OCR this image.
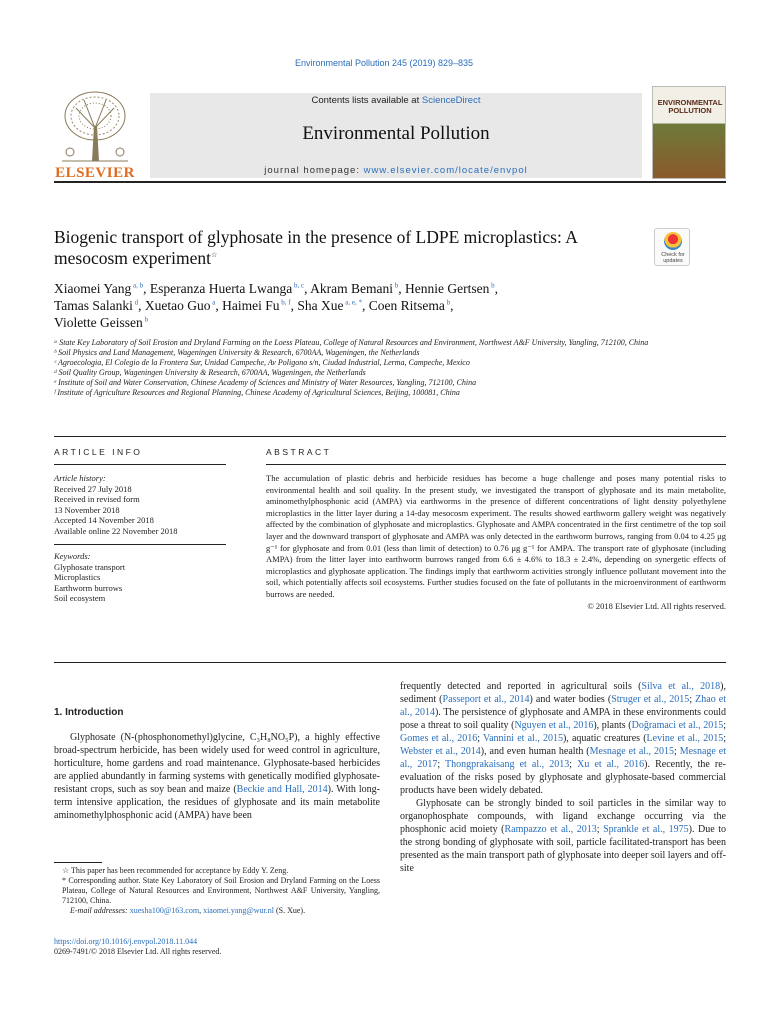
Environmental Pollution 245 (2019) 829–835
ELSEVIER
Contents lists available at ScienceDirect
Environmental Pollution
journal homepage: www.elsevier.com/locate/envpol
ENVIRONMENTAL POLLUTION
Biogenic transport of glyphosate in the presence of LDPE microplastics: A mesocosm experiment☆	Check for updates
Xiaomei Yang $^{a, b}$, Esperanza Huerta Lwanga $^{b, c}$, Akram Bemani $^b$, Hennie Gertsen $^b$,
Tamas Salanki $^d$, Xuetao Guo $^a$, Haimei Fu $^{b, f}$, Sha Xue $^{a, e, *}$, Coen Ritsema $^b$,
Violette Geissen $^b$
ᵃ State Key Laboratory of Soil Erosion and Dryland Farming on the Loess Plateau, College of Natural Resources and Environment, Northwest A&F University, Yangling, 712100, China
ᵇ Soil Physics and Land Management, Wageningen University & Research, 6700AA, Wageningen, the Netherlands
ᶜ Agroecologia, El Colegio de la Frontera Sur, Unidad Campeche, Av Poligono s/n, Ciudad Industrial, Lerma, Campeche, Mexico
ᵈ Soil Quality Group, Wageningen University & Research, 6700AA, Wageningen, the Netherlands
ᵉ Institute of Soil and Water Conservation, Chinese Academy of Sciences and Ministry of Water Resources, Yangling, 712100, China
ᶠ Institute of Agriculture Resources and Regional Planning, Chinese Academy of Agricultural Sciences, Beijing, 100081, China
ARTICLE INFO	ABSTRACT
Article history:
Received 27 July 2018
Received in revised form
13 November 2018
Accepted 14 November 2018
Available online 22 November 2018
Keywords:
Glyphosate transport
Microplastics
Earthworm burrows
Soil ecosystem
The accumulation of plastic debris and herbicide residues has become a huge challenge and poses many potential risks to environmental health and soil quality. In the present study, we investigated the transport of glyphosate and its main metabolite, aminomethylphosphonic acid (AMPA) via earthworms in the presence of different concentrations of light density polyethylene microplastics in the litter layer during a 14-day mesocosm experiment. The results showed earthworm gallery weight was negatively affected by the combination of glyphosate and microplastics. Glyphosate and AMPA concentrated in the first centimetre of the top soil layer and the downward transport of glyphosate and AMPA was only detected in the earthworm burrows, ranging from 0.04 to 4.25 μg g⁻¹ for glyphosate and from 0.01 (less than limit of detection) to 0.76 μg g⁻¹ for AMPA. The transport rate of glyphosate (including AMPA) from the litter layer into earthworm burrows ranged from 6.6 ± 4.6% to 18.3 ± 2.4%, depending on synergetic effects of microplastics and glyphosate application. The findings imply that earthworm activities strongly influence pollutant movement into the soil, which potentially affects soil ecosystems. Further studies focused on the fate of pollutants in the microenvironment of earthworm burrows are needed.
© 2018 Elsevier Ltd. All rights reserved.
1. Introduction

Glyphosate (N-(phosphonomethyl)glycine, C₃H₈NO₅P), a highly effective broad-spectrum herbicide, has been widely used for weed control in agriculture, horticulture, home gardens and road maintenance. Glyphosate-based herbicides are applied abundantly in farming systems with genetically modified glyphosate-resistant crops, such as soy bean and maize (Beckie and Hall, 2014). With long-term intensive application, the residues of glyphosate and its main metabolite aminomethylphosphonic acid (AMPA) have been

frequently detected and reported in agricultural soils (Silva et al., 2018), sediment (Passeport et al., 2014) and water bodies (Struger et al., 2015; Zhao et al., 2014). The persistence of glyphosate and AMPA in these environments could pose a threat to soil quality (Nguyen et al., 2016), plants (Doğramaci et al., 2015; Gomes et al., 2016; Vannini et al., 2015), aquatic creatures (Levine et al., 2015; Webster et al., 2014), and even human health (Mesnage et al., 2015; Mesnage et al., 2017; Thongprakaisang et al., 2013; Xu et al., 2016). Recently, the re-evaluation of the risks posed by glyphosate and glyphosate-based commercial products have been widely debated.

Glyphosate can be strongly binded to soil particles in the similar way to organophosphate compounds, with ligand exchange occurring via the phosphonic acid moiety (Rampazzo et al., 2013; Sprankle et al., 1975). Due to the strong bonding of glyphosate with soil, particle facilitated-transport has been presented as the main transport path of glyphosate into deeper soil layers and off-site

☆ This paper has been recommended for acceptance by Eddy Y. Zeng.
* Corresponding author. State Key Laboratory of Soil Erosion and Dryland Farming on the Loess Plateau, College of Natural Resources and Environment, Northwest A&F University, Yangling, 712100, China.
E-mail addresses: xuesha100@163.com, xiaomei.yang@wur.nl (S. Xue).
https://doi.org/10.1016/j.envpol.2018.11.044
0269-7491/© 2018 Elsevier Ltd. All rights reserved.
